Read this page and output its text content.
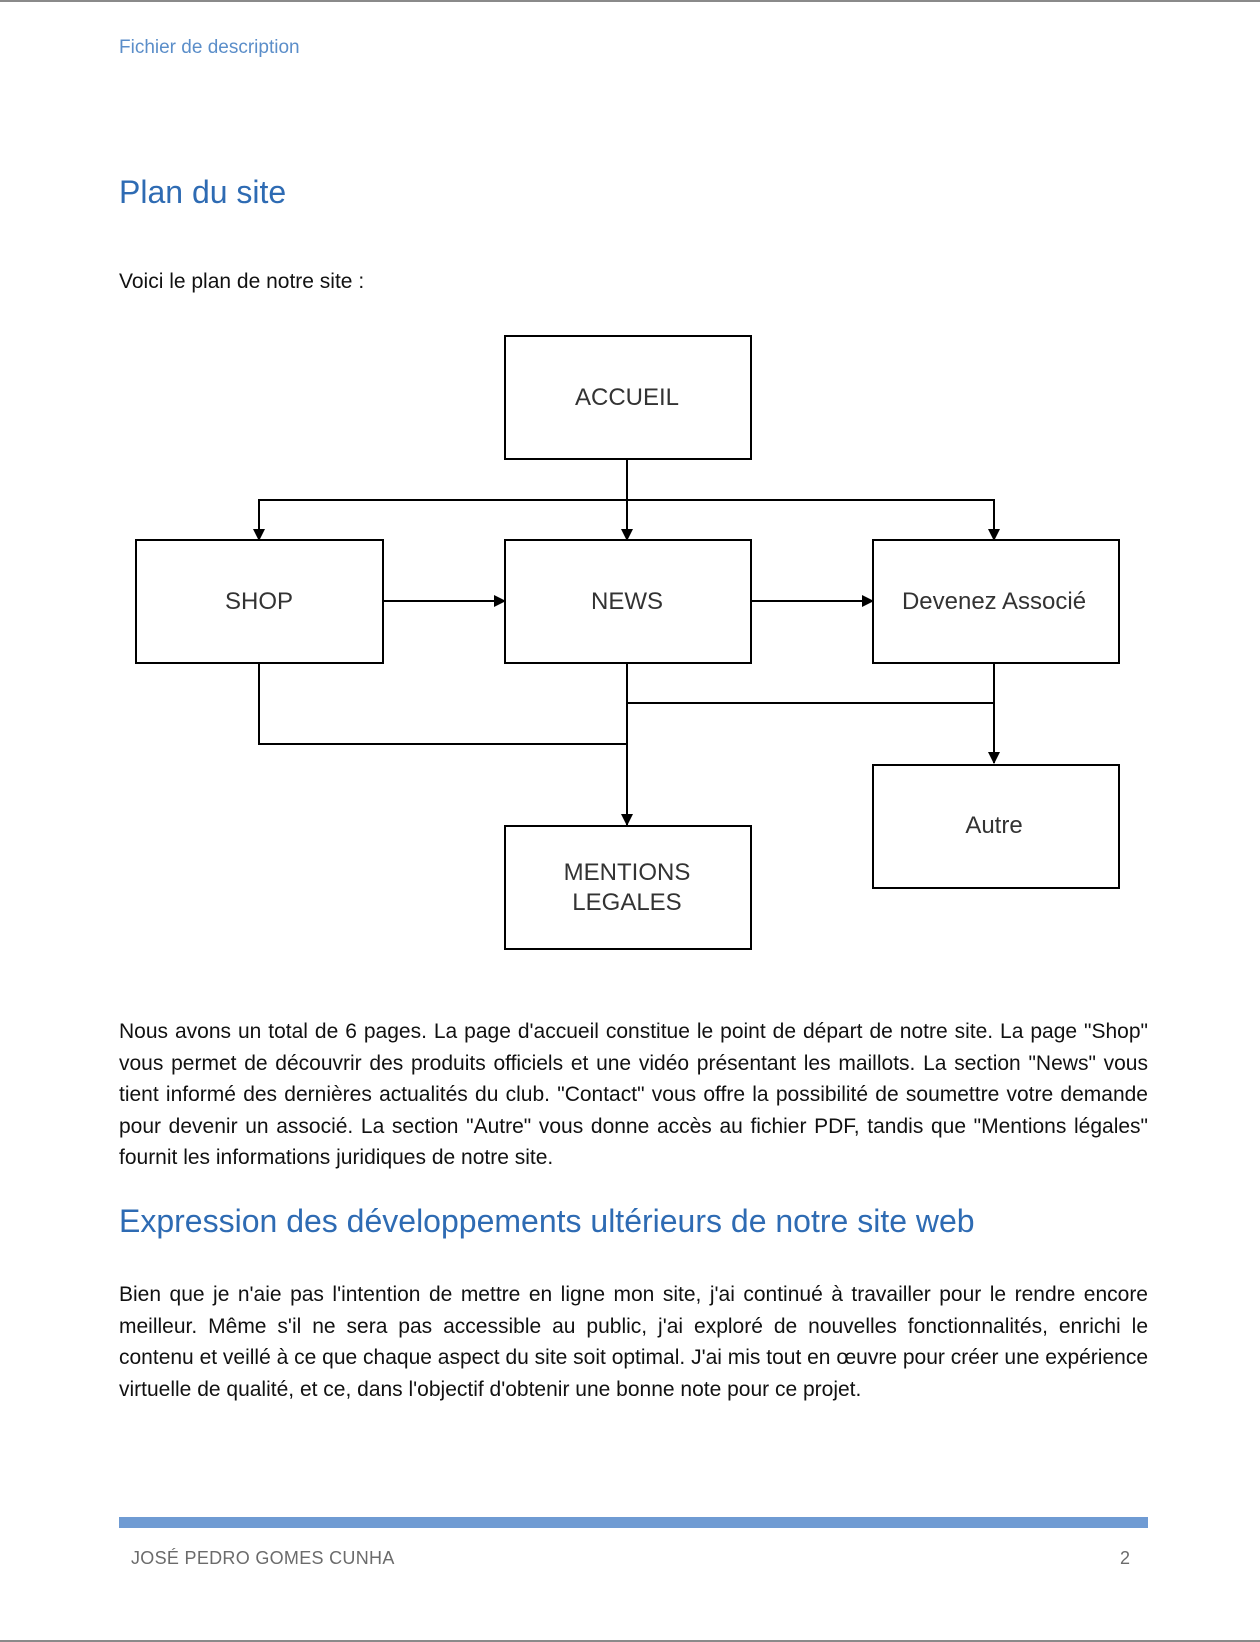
Fichier de description
Plan du site
Voici le plan de notre site :
ACCUEIL
SHOP	NEWS	Devenez Associé
MENTIONS
LEGALES
Autre

Nous avons un total de 6 pages. La page d'accueil constitue le point de départ de notre site. La page "Shop" vous permet de découvrir des produits officiels et une vidéo présentant les maillots. La section "News" vous tient informé des dernières actualités du club. "Contact" vous offre la possibilité de soumettre votre demande pour devenir un associé. La section "Autre" vous donne accès au fichier PDF, tandis que "Mentions légales" fournit les informations juridiques de notre site.

Expression des développements ultérieurs de notre site web

Bien que je n'aie pas l'intention de mettre en ligne mon site, j'ai continué à travailler pour le rendre encore meilleur. Même s'il ne sera pas accessible au public, j'ai exploré de nouvelles fonctionnalités, enrichi le contenu et veillé à ce que chaque aspect du site soit optimal. J'ai mis tout en œuvre pour créer une expérience virtuelle de qualité, et ce, dans l'objectif d'obtenir une bonne note pour ce projet.

JOSÉ PEDRO GOMES CUNHA	2
